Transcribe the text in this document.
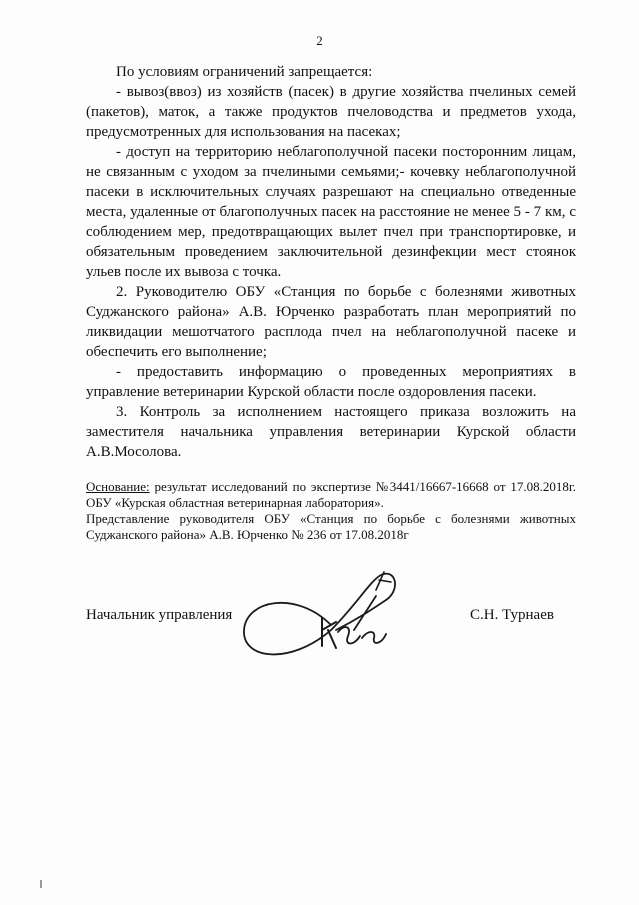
2

По условиям ограничений запрещается:

- вывоз(ввоз) из хозяйств (пасек) в другие хозяйства пчелиных семей (пакетов), маток, а также продуктов пчеловодства и предметов ухода, предусмотренных для использования на пасеках;

- доступ на территорию неблагополучной пасеки посторонним лицам, не связанным с уходом за пчелиными семьями;- кочевку неблагополучной пасеки в исключительных случаях разрешают на специально отведенные места, удаленные от благополучных пасек на расстояние не менее 5 - 7 км, с соблюдением мер, предотвращающих вылет пчел при транспортировке, и обязательным проведением заключительной дезинфекции мест стоянок ульев после их вывоза с точка.

2. Руководителю ОБУ «Станция по борьбе с болезнями животных Суджанского района» А.В. Юрченко разработать план мероприятий по ликвидации мешотчатого расплода пчел на неблагополучной пасеке и обеспечить его выполнение;

- предоставить информацию о проведенных мероприятиях в управление ветеринарии Курской области после оздоровления пасеки.

3. Контроль за исполнением настоящего приказа возложить на заместителя начальника управления ветеринарии Курской области А.В.Мосолова.

Основание: результат исследований по экспертизе №3441/16667-16668 от 17.08.2018г. ОБУ «Курская областная ветеринарная лаборатория».

Представление руководителя ОБУ «Станция по борьбе с болезнями животных Суджанского района» А.В. Юрченко № 236 от 17.08.2018г

Начальник управления	С.Н. Турнаев
